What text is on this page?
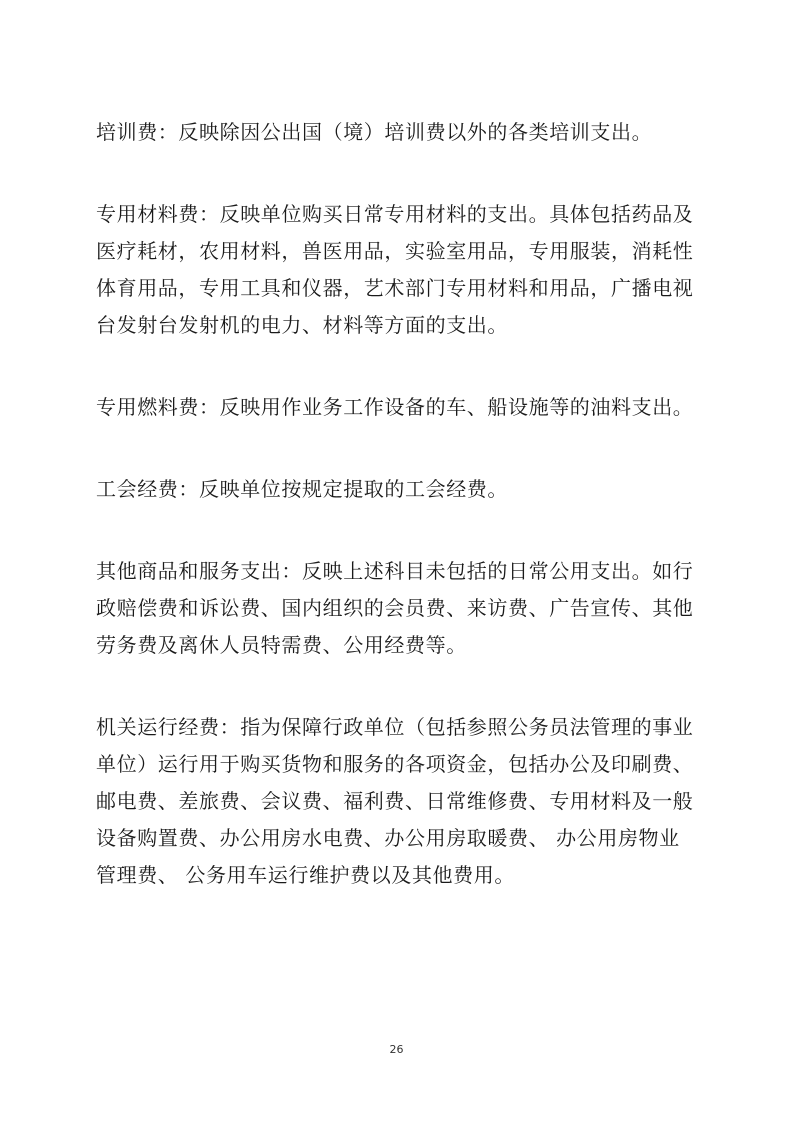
培训费：反映除因公出国（境）培训费以外的各类培训支出。

专用材料费：反映单位购买日常专用材料的支出。具体包括药品及
医疗耗材，农用材料，兽医用品，实验室用品，专用服装，消耗性
体育用品，专用工具和仪器，艺术部门专用材料和用品，广播电视
台发射台发射机的电力、材料等方面的支出。

专用燃料费：反映用作业务工作设备的车、船设施等的油料支出。

工会经费：反映单位按规定提取的工会经费。

其他商品和服务支出：反映上述科目未包括的日常公用支出。如行
政赔偿费和诉讼费、国内组织的会员费、来访费、广告宣传、其他
劳务费及离休人员特需费、公用经费等。

机关运行经费：指为保障行政单位（包括参照公务员法管理的事业
单位）运行用于购买货物和服务的各项资金，包括办公及印刷费、
邮电费、差旅费、会议费、福利费、日常维修费、专用材料及一般
设备购置费、办公用房水电费、办公用房取暖费、 办公用房物业
管理费、 公务用车运行维护费以及其他费用。

26
